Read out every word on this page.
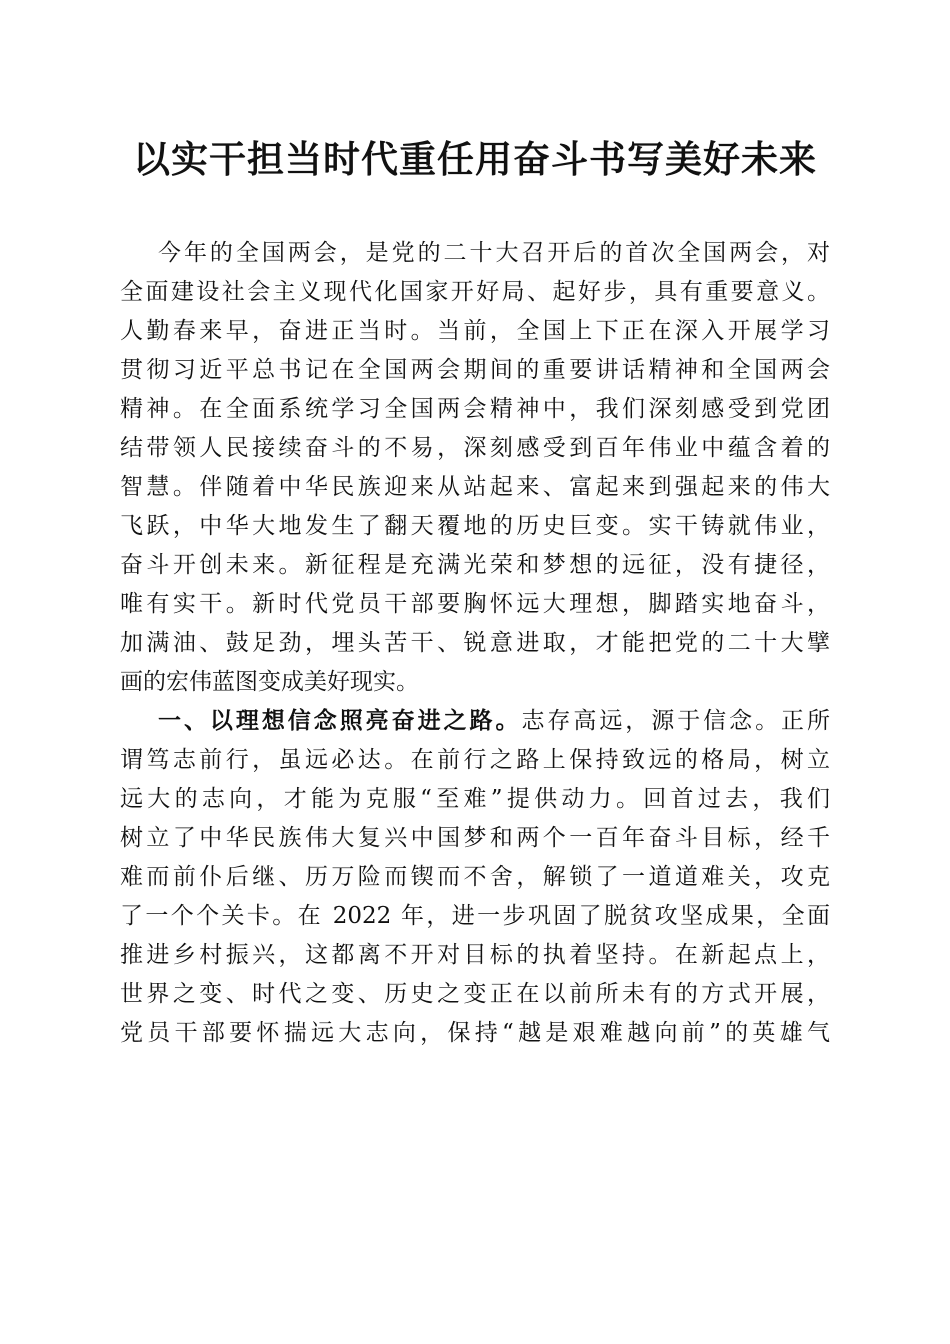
以实干担当时代重任用奋斗书写美好未来
今年的全国两会，是党的二十大召开后的首次全国两会，对
全面建设社会主义现代化国家开好局、起好步，具有重要意义。
人勤春来早，奋进正当时。当前，全国上下正在深入开展学习
贯彻习近平总书记在全国两会期间的重要讲话精神和全国两会
精神。在全面系统学习全国两会精神中，我们深刻感受到党团
结带领人民接续奋斗的不易，深刻感受到百年伟业中蕴含着的
智慧。伴随着中华民族迎来从站起来、富起来到强起来的伟大
飞跃，中华大地发生了翻天覆地的历史巨变。实干铸就伟业，
奋斗开创未来。新征程是充满光荣和梦想的远征，没有捷径，
唯有实干。新时代党员干部要胸怀远大理想，脚踏实地奋斗，
加满油、鼓足劲，埋头苦干、锐意进取，才能把党的二十大擘
画的宏伟蓝图变成美好现实。
一、以理想信念照亮奋进之路。志存高远，源于信念。正所
谓笃志前行，虽远必达。在前行之路上保持致远的格局，树立
远大的志向，才能为克服“至难”提供动力。回首过去，我们
树立了中华民族伟大复兴中国梦和两个一百年奋斗目标，经千
难而前仆后继、历万险而锲而不舍，解锁了一道道难关，攻克
了一个个关卡。在 2022 年，进一步巩固了脱贫攻坚成果，全面
推进乡村振兴，这都离不开对目标的执着坚持。在新起点上，
世界之变、时代之变、历史之变正在以前所未有的方式开展，
党员干部要怀揣远大志向，保持“越是艰难越向前”的英雄气
